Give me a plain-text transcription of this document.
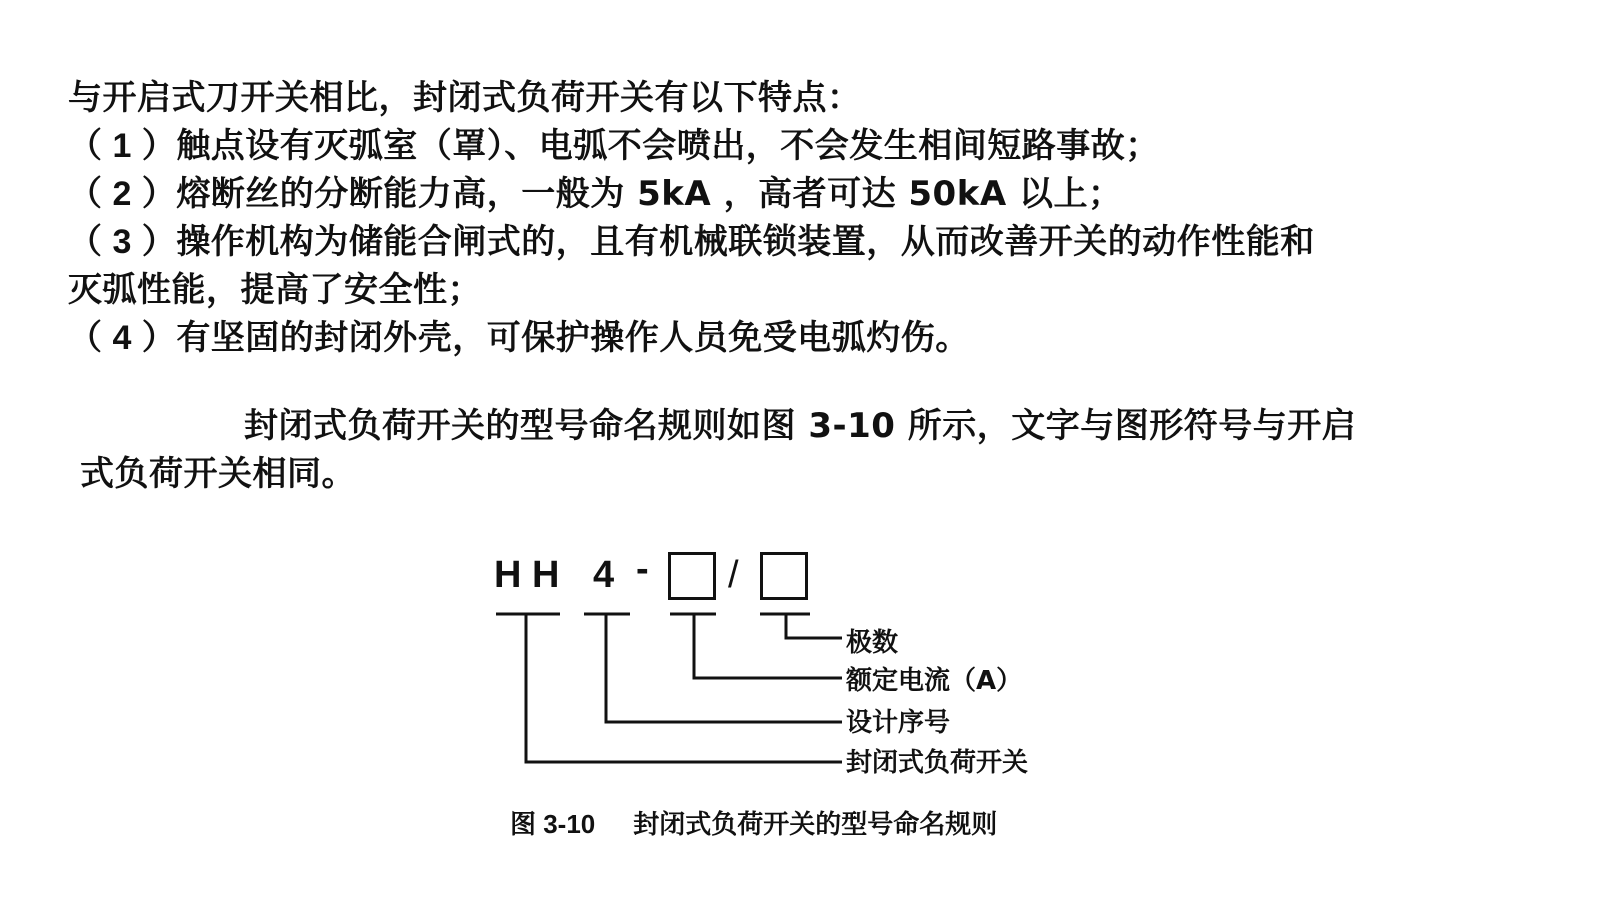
与开启式刀开关相比，封闭式负荷开关有以下特点：
（ 1 ）触点设有灭弧室（罩）、电弧不会喷出，不会发生相间短路事故；
（ 2 ）熔断丝的分断能力高，一般为 5kA ，高者可达 50kA 以上；
（ 3 ）操作机构为储能合闸式的，且有机械联锁装置，从而改善开关的动作性能和
灭弧性能，提高了安全性；
（ 4 ）有坚固的封闭外壳，可保护操作人员免受电弧灼伤。
封闭式负荷开关的型号命名规则如图 3-10 所示，文字与图形符号与开启
式负荷开关相同。
H H 4 - /
极数
额定电流（A）
设计序号
封闭式负荷开关
图 3-10 封闭式负荷开关的型号命名规则
